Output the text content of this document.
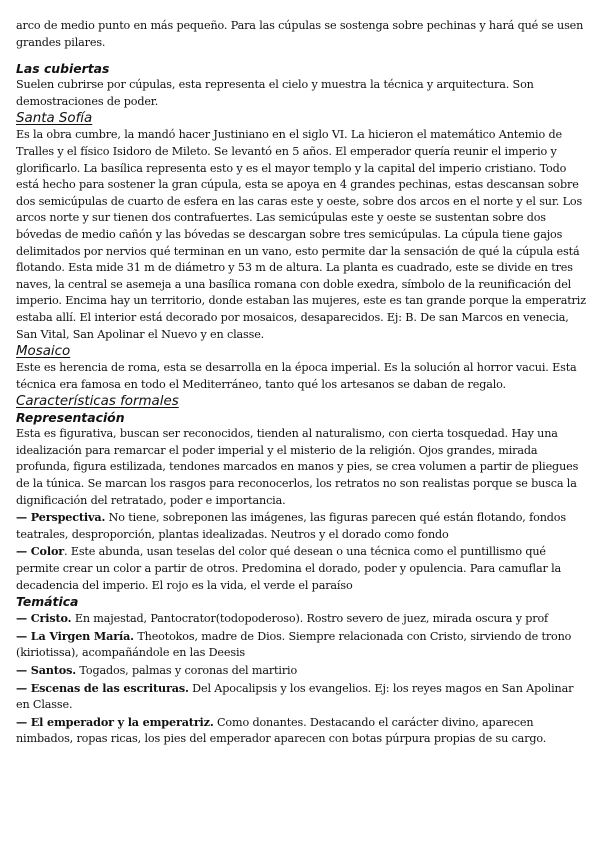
arco de medio punto en más pequeño. Para las cúpulas se sostenga sobre pechinas y hará qué se usen grandes pilares.

Las cubiertas

Suelen cubrirse por cúpulas, esta representa el cielo y muestra la técnica y arquitectura. Son demostraciones de poder.

Santa Sofía

Es la obra cumbre, la mandó hacer Justiniano en el siglo VI. La hicieron el matemático Antemio de Tralles y el físico Isidoro de Mileto. Se levantó en 5 años. El emperador quería reunir el imperio y glorificarlo. La basílica representa esto y es el mayor templo y la capital del imperio cristiano. Todo está hecho para sostener la gran cúpula, esta se apoya en 4 grandes pechinas, estas descansan sobre dos semicúpulas de cuarto de esfera en las caras este y oeste, sobre dos arcos en el norte y el sur. Los arcos norte y sur tienen dos contrafuertes. Las semicúpulas este y oeste se sustentan sobre dos bóvedas de medio cañón y las bóvedas se descargan sobre tres semicúpulas. La cúpula tiene gajos delimitados por nervios qué terminan en un vano, esto permite dar la sensación de qué la cúpula está flotando. Esta mide 31 m de diámetro y 53 m de altura. La planta es cuadrado, este se divide en tres naves, la central se asemeja a una basílica romana con doble exedra, símbolo de la reunificación del imperio. Encima hay un territorio, donde estaban las mujeres, este es tan grande porque la emperatriz estaba allí. El interior está decorado por mosaicos, desaparecidos. Ej: B. De san Marcos en venecia, San Vital, San Apolinar el Nuevo y en classe.

Mosaico

Este es herencia de roma, esta se desarrolla en la época imperial. Es la solución al horror vacui. Esta técnica era famosa en todo el Mediterráneo, tanto qué los artesanos se daban de regalo.

Características formales
Representación

Esta es figurativa, buscan ser reconocidos, tienden al naturalismo, con cierta tosquedad. Hay una idealización para remarcar el poder imperial y el misterio de la religión. Ojos grandes, mirada profunda, figura estilizada, tendones marcados en manos y pies, se crea volumen a partir de pliegues de la túnica. Se marcan los rasgos para reconocerlos, los retratos no son realistas porque se busca la dignificación del retratado, poder e importancia.

— Perspectiva. No tiene, sobreponen las imágenes, las figuras parecen qué están flotando, fondos teatrales, desproporción, plantas idealizadas. Neutros y el dorado como fondo

— Color. Este abunda, usan teselas del color qué desean o una técnica como el puntillismo qué permite crear un color a partir de otros. Predomina el dorado, poder y opulencia. Para camuflar la decadencia del imperio. El rojo es la vida, el verde el paraíso

Temática

— Cristo. En majestad, Pantocrator(todopoderoso). Rostro severo de juez, mirada oscura y prof

— La Virgen María. Theotokos, madre de Dios. Siempre relacionada con Cristo, sirviendo de trono (kiriotissa), acompañándole en las Deesis

— Santos. Togados, palmas y coronas del martirio

— Escenas de las escrituras. Del Apocalipsis y los evangelios. Ej: los reyes magos en San Apolinar en Classe.

— El emperador y la emperatriz. Como donantes. Destacando el carácter divino, aparecen nimbados, ropas ricas, los pies del emperador aparecen con botas púrpura propias de su cargo.
